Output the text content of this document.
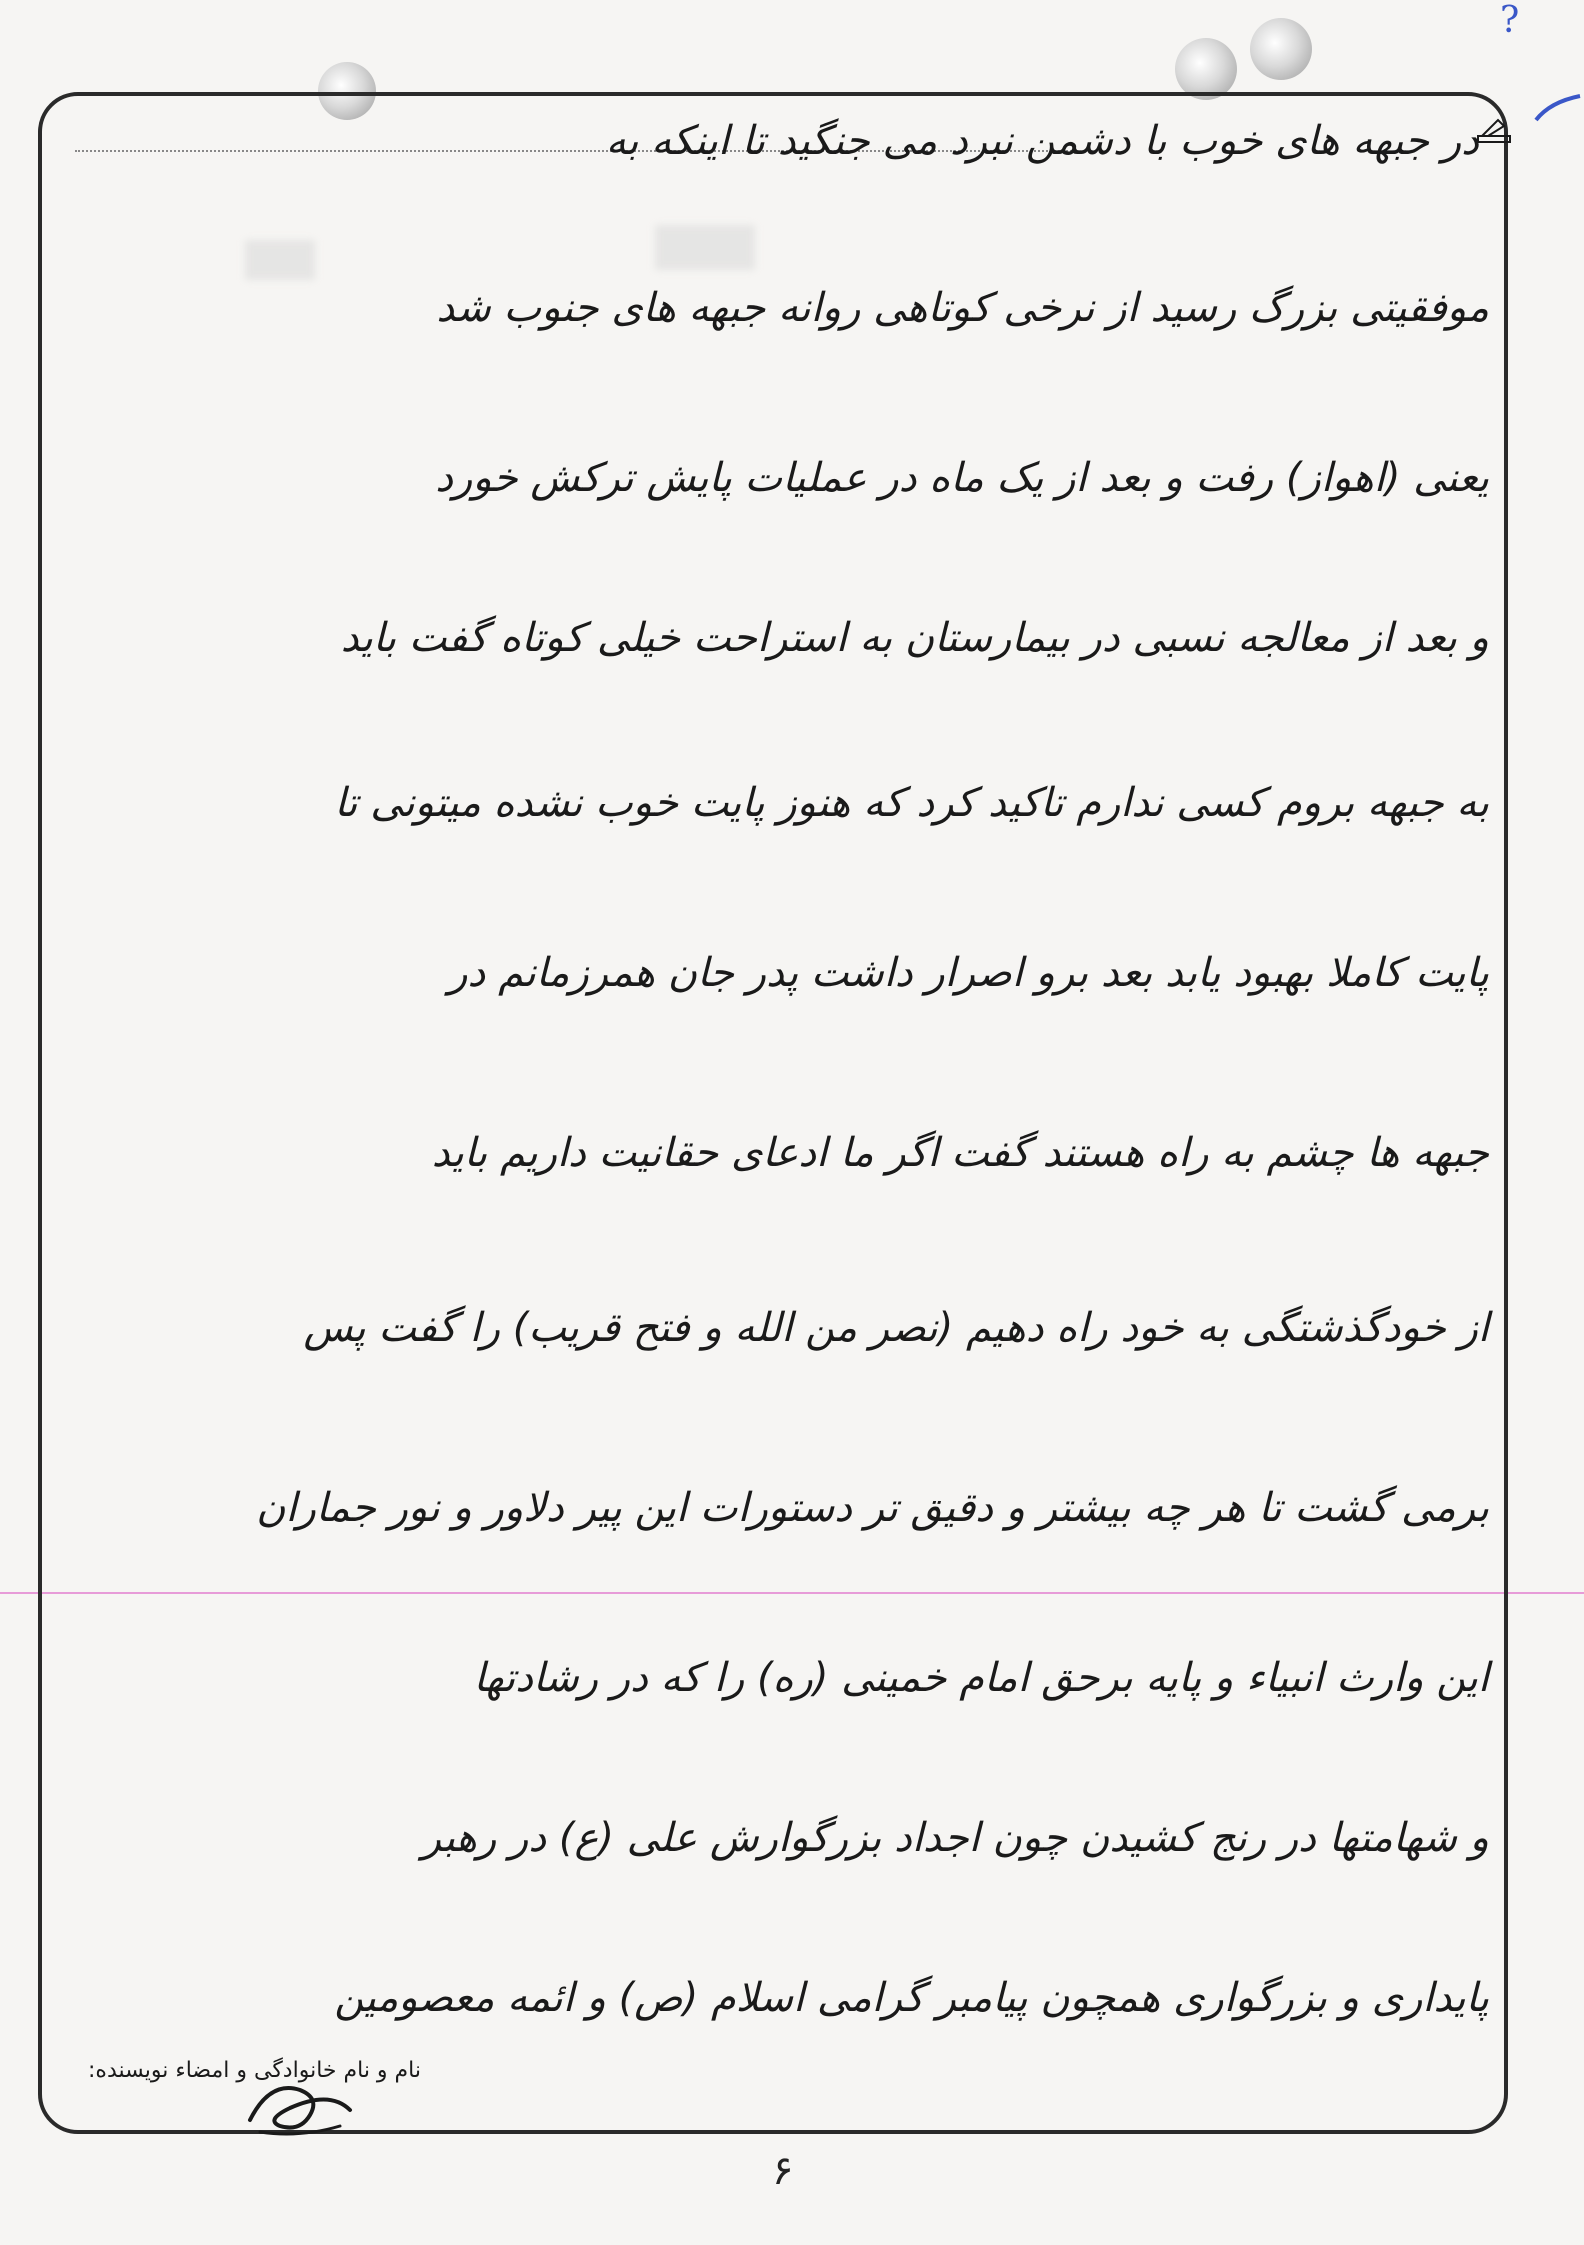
?
در جبهه های خوب با دشمن نبرد می جنگید تا اینکه به
موفقیتی بزرگ رسید از نرخی کوتاهی روانه جبهه های جنوب شد
یعنی (اهواز) رفت و بعد از یک ماه در عملیات پایش ترکش خورد
و بعد از معالجه نسبی در بیمارستان به استراحت خیلی کوتاه گفت باید
به جبهه بروم کسی ندارم تاکید کرد که هنوز پایت خوب نشده میتونی تا
پایت کاملا بهبود یابد بعد برو اصرار داشت پدر جان همرزمانم در
جبهه ها چشم به راه هستند گفت اگر ما ادعای حقانیت داریم باید
از خودگذشتگی به خود راه دهیم (نصر من الله و فتح قریب) را گفت پس
برمی گشت تا هر چه بیشتر و دقیق تر دستورات این پیر دلاور و نور جماران
این وارث انبیاء و پایه برحق امام خمینی (ره) را که در رشادتها
و شهامتها در رنج کشیدن چون اجداد بزرگوارش علی (ع) در رهبر
پایداری و بزرگواری همچون پیامبر گرامی اسلام (ص) و ائمه معصومین
نام و نام خانوادگی و امضاء نویسنده:
۶
